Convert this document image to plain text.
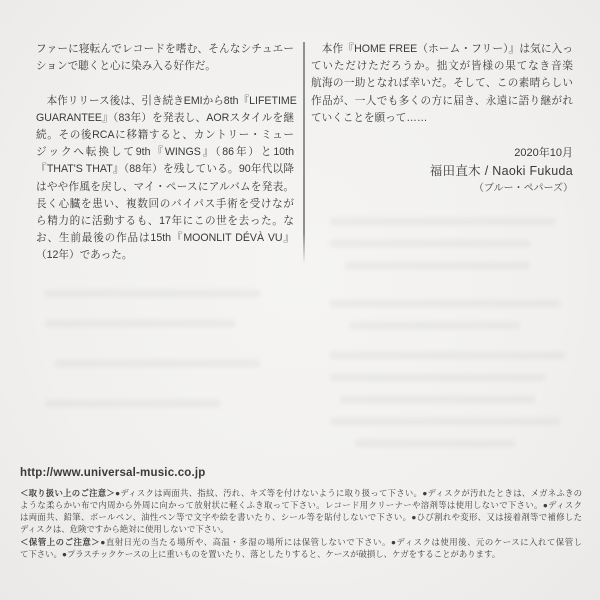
ファーに寝転んでレコードを嗜む、そんなシチュエー
ションで聴くと心に染み入る好作だ。
　本作リリース後は、引き続きEMIから8th『LIFETIME
GUARANTEE』（83年）を発表し、AORスタイルを継
続。その後RCAに移籍すると、カントリー・ミュー
ジックへ転換して9th『WINGS』（86年）と10th
『THAT'S THAT』（88年）を残している。90年代以降
はやや作風を戻し、マイ・ペースにアルバムを発表。
長く心臓を患い、複数回のバイパス手術を受けなが
ら精力的に活動するも、17年にこの世を去った。な
お、生前最後の作品は15th『MOONLIT DÉVÀ VU』
（12年）であった。
　本作『HOME FREE（ホーム・フリー）』は気に入っ
ていただけただろうか。拙文が皆様の果てなき音楽
航海の一助となれば幸いだ。そして、この素晴らしい
作品が、一人でも多くの方に届き、永遠に語り継がれ
ていくことを願って……
2020年10月
福田直木 / Naoki Fukuda
（ブルー・ペパーズ）
http://www.universal-music.co.jp
＜取り扱い上のご注意＞●ディスクは両面共、指紋、汚れ、キズ等を付けないように取り扱って下さい。●ディスクが汚れたときは、メガネふきの
ような柔らかい布で内周から外周に向かって放射状に軽くふき取って下さい。レコード用クリーナーや溶剤等は使用しないで下さい。●ディスク
は両面共、鉛筆、ボールペン、油性ペン等で文字や絵を書いたり、シール等を貼付しないで下さい。●ひび割れや変形、又は接着剤等で補修した
ディスクは、危険ですから絶対に使用しないで下さい。
＜保管上のご注意＞●直射日光の当たる場所や、高温・多湿の場所には保管しないで下さい。●ディスクは使用後、元のケースに入れて保管し
て下さい。●プラスチックケースの上に重いものを置いたり、落としたりすると、ケースが破損し、ケガをすることがあります。
